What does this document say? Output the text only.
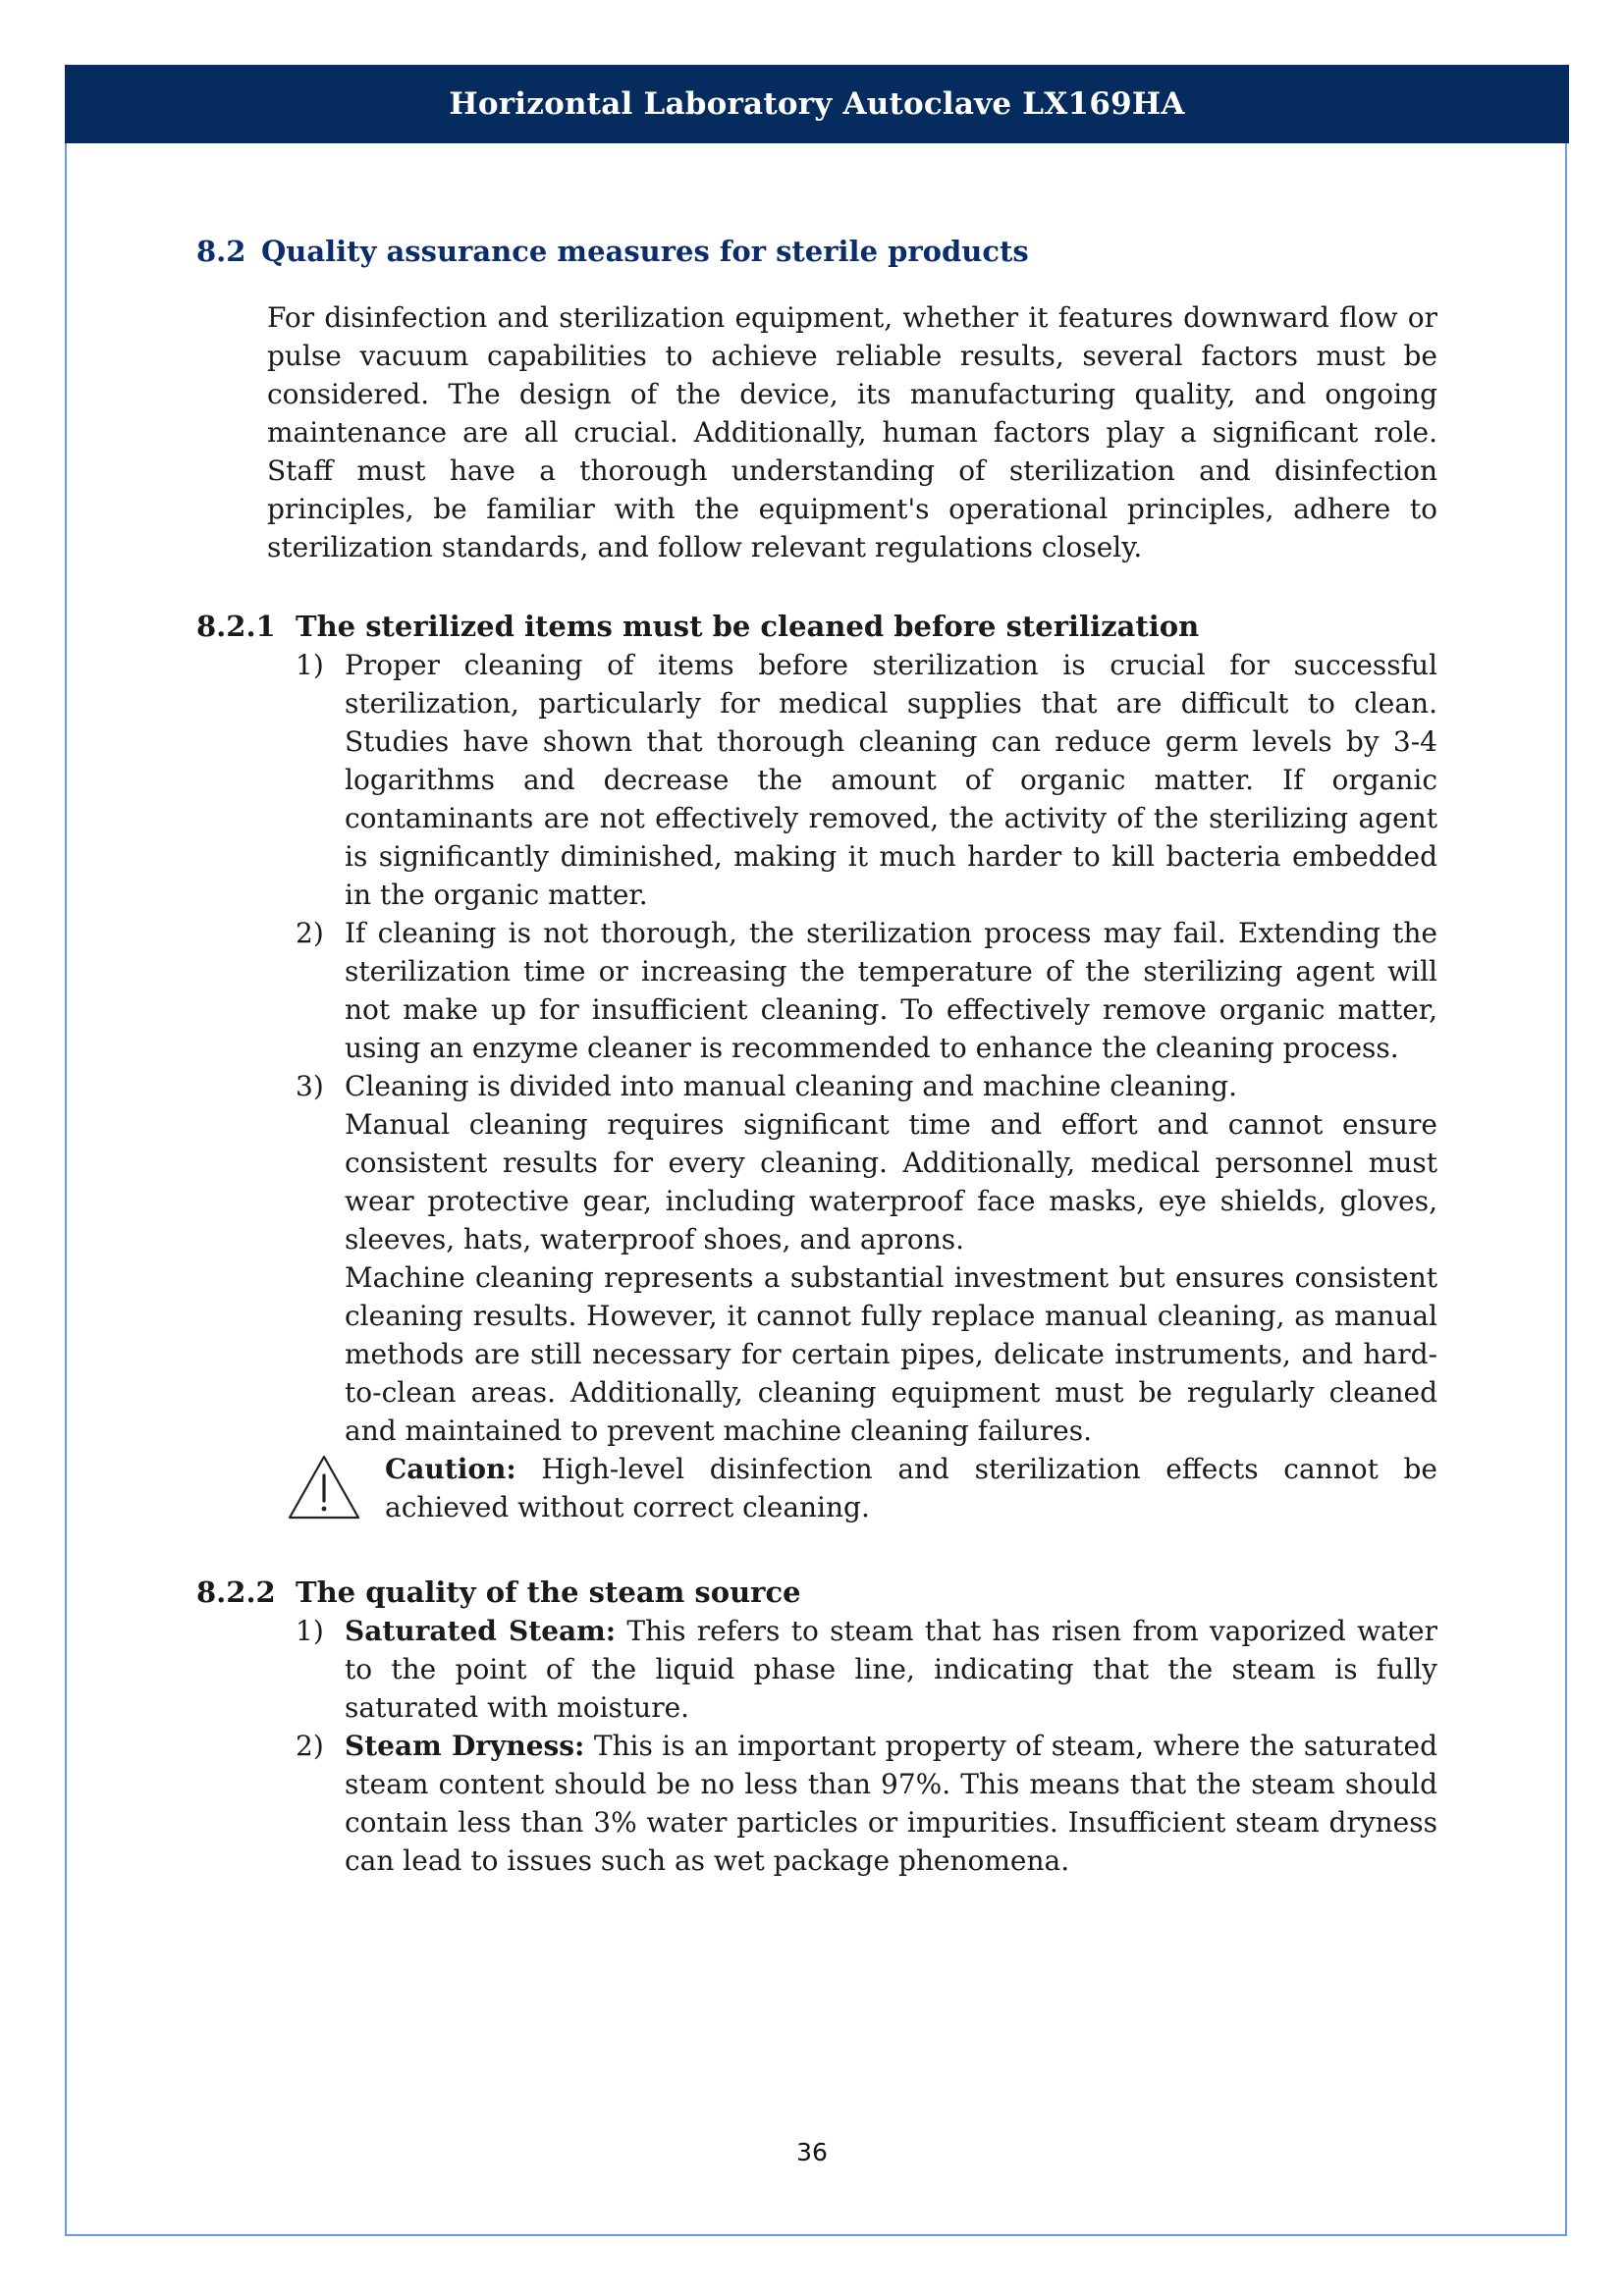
Horizontal Laboratory Autoclave LX169HA
8.2 Quality assurance measures for sterile products

For disinfection and sterilization equipment, whether it features downward flow or pulse vacuum capabilities to achieve reliable results, several factors must be considered. The design of the device, its manufacturing quality, and ongoing maintenance are all crucial. Additionally, human factors play a significant role. Staff must have a thorough understanding of sterilization and disinfection principles, be familiar with the equipment's operational principles, adhere to sterilization standards, and follow relevant regulations closely.

8.2.1 The sterilized items must be cleaned before sterilization
1) Proper cleaning of items before sterilization is crucial for successful sterilization, particularly for medical supplies that are difficult to clean. Studies have shown that thorough cleaning can reduce germ levels by 3-4 logarithms and decrease the amount of organic matter. If organic contaminants are not effectively removed, the activity of the sterilizing agent is significantly diminished, making it much harder to kill bacteria embedded in the organic matter.
2) If cleaning is not thorough, the sterilization process may fail. Extending the sterilization time or increasing the temperature of the sterilizing agent will not make up for insufficient cleaning. To effectively remove organic matter, using an enzyme cleaner is recommended to enhance the cleaning process.
3) Cleaning is divided into manual cleaning and machine cleaning.
Manual cleaning requires significant time and effort and cannot ensure consistent results for every cleaning. Additionally, medical personnel must wear protective gear, including waterproof face masks, eye shields, gloves, sleeves, hats, waterproof shoes, and aprons.
Machine cleaning represents a substantial investment but ensures consistent cleaning results. However, it cannot fully replace manual cleaning, as manual methods are still necessary for certain pipes, delicate instruments, and hard-to-clean areas. Additionally, cleaning equipment must be regularly cleaned and maintained to prevent machine cleaning failures.
Caution: High-level disinfection and sterilization effects cannot be achieved without correct cleaning.
8.2.2 The quality of the steam source
1) Saturated Steam: This refers to steam that has risen from vaporized water to the point of the liquid phase line, indicating that the steam is fully saturated with moisture.
2) Steam Dryness: This is an important property of steam, where the saturated steam content should be no less than 97%. This means that the steam should contain less than 3% water particles or impurities. Insufficient steam dryness can lead to issues such as wet package phenomena.
36
